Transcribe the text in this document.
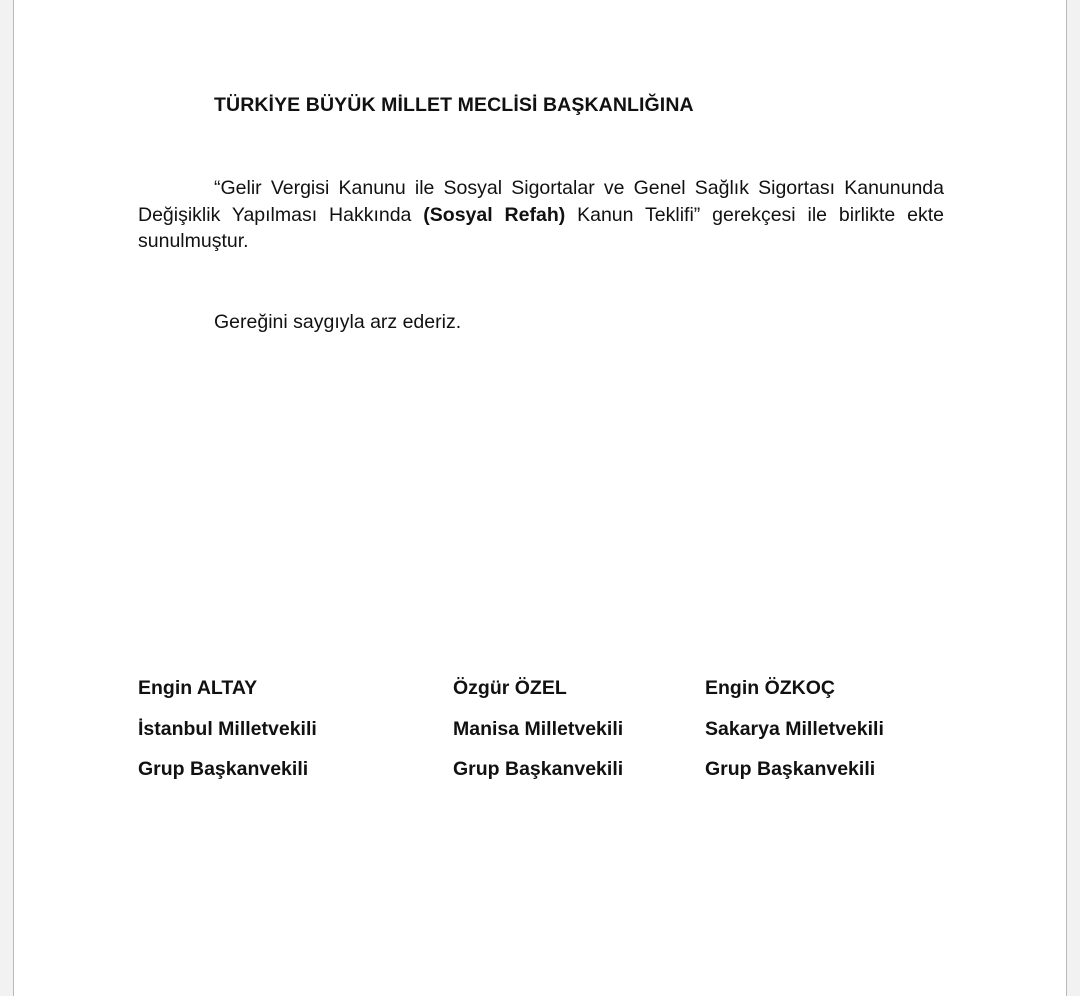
TÜRKİYE BÜYÜK MİLLET MECLİSİ BAŞKANLIĞINA

“Gelir Vergisi Kanunu ile Sosyal Sigortalar ve Genel Sağlık Sigortası Kanununda Değişiklik Yapılması Hakkında (Sosyal Refah) Kanun Teklifi” gerekçesi ile birlikte ekte sunulmuştur.

Gereğini saygıyla arz ederiz.

Engin ALTAY
İstanbul Milletvekili
Grup Başkanvekili
Özgür ÖZEL
Manisa Milletvekili
Grup Başkanvekili
Engin ÖZKOÇ
Sakarya Milletvekili
Grup Başkanvekili
